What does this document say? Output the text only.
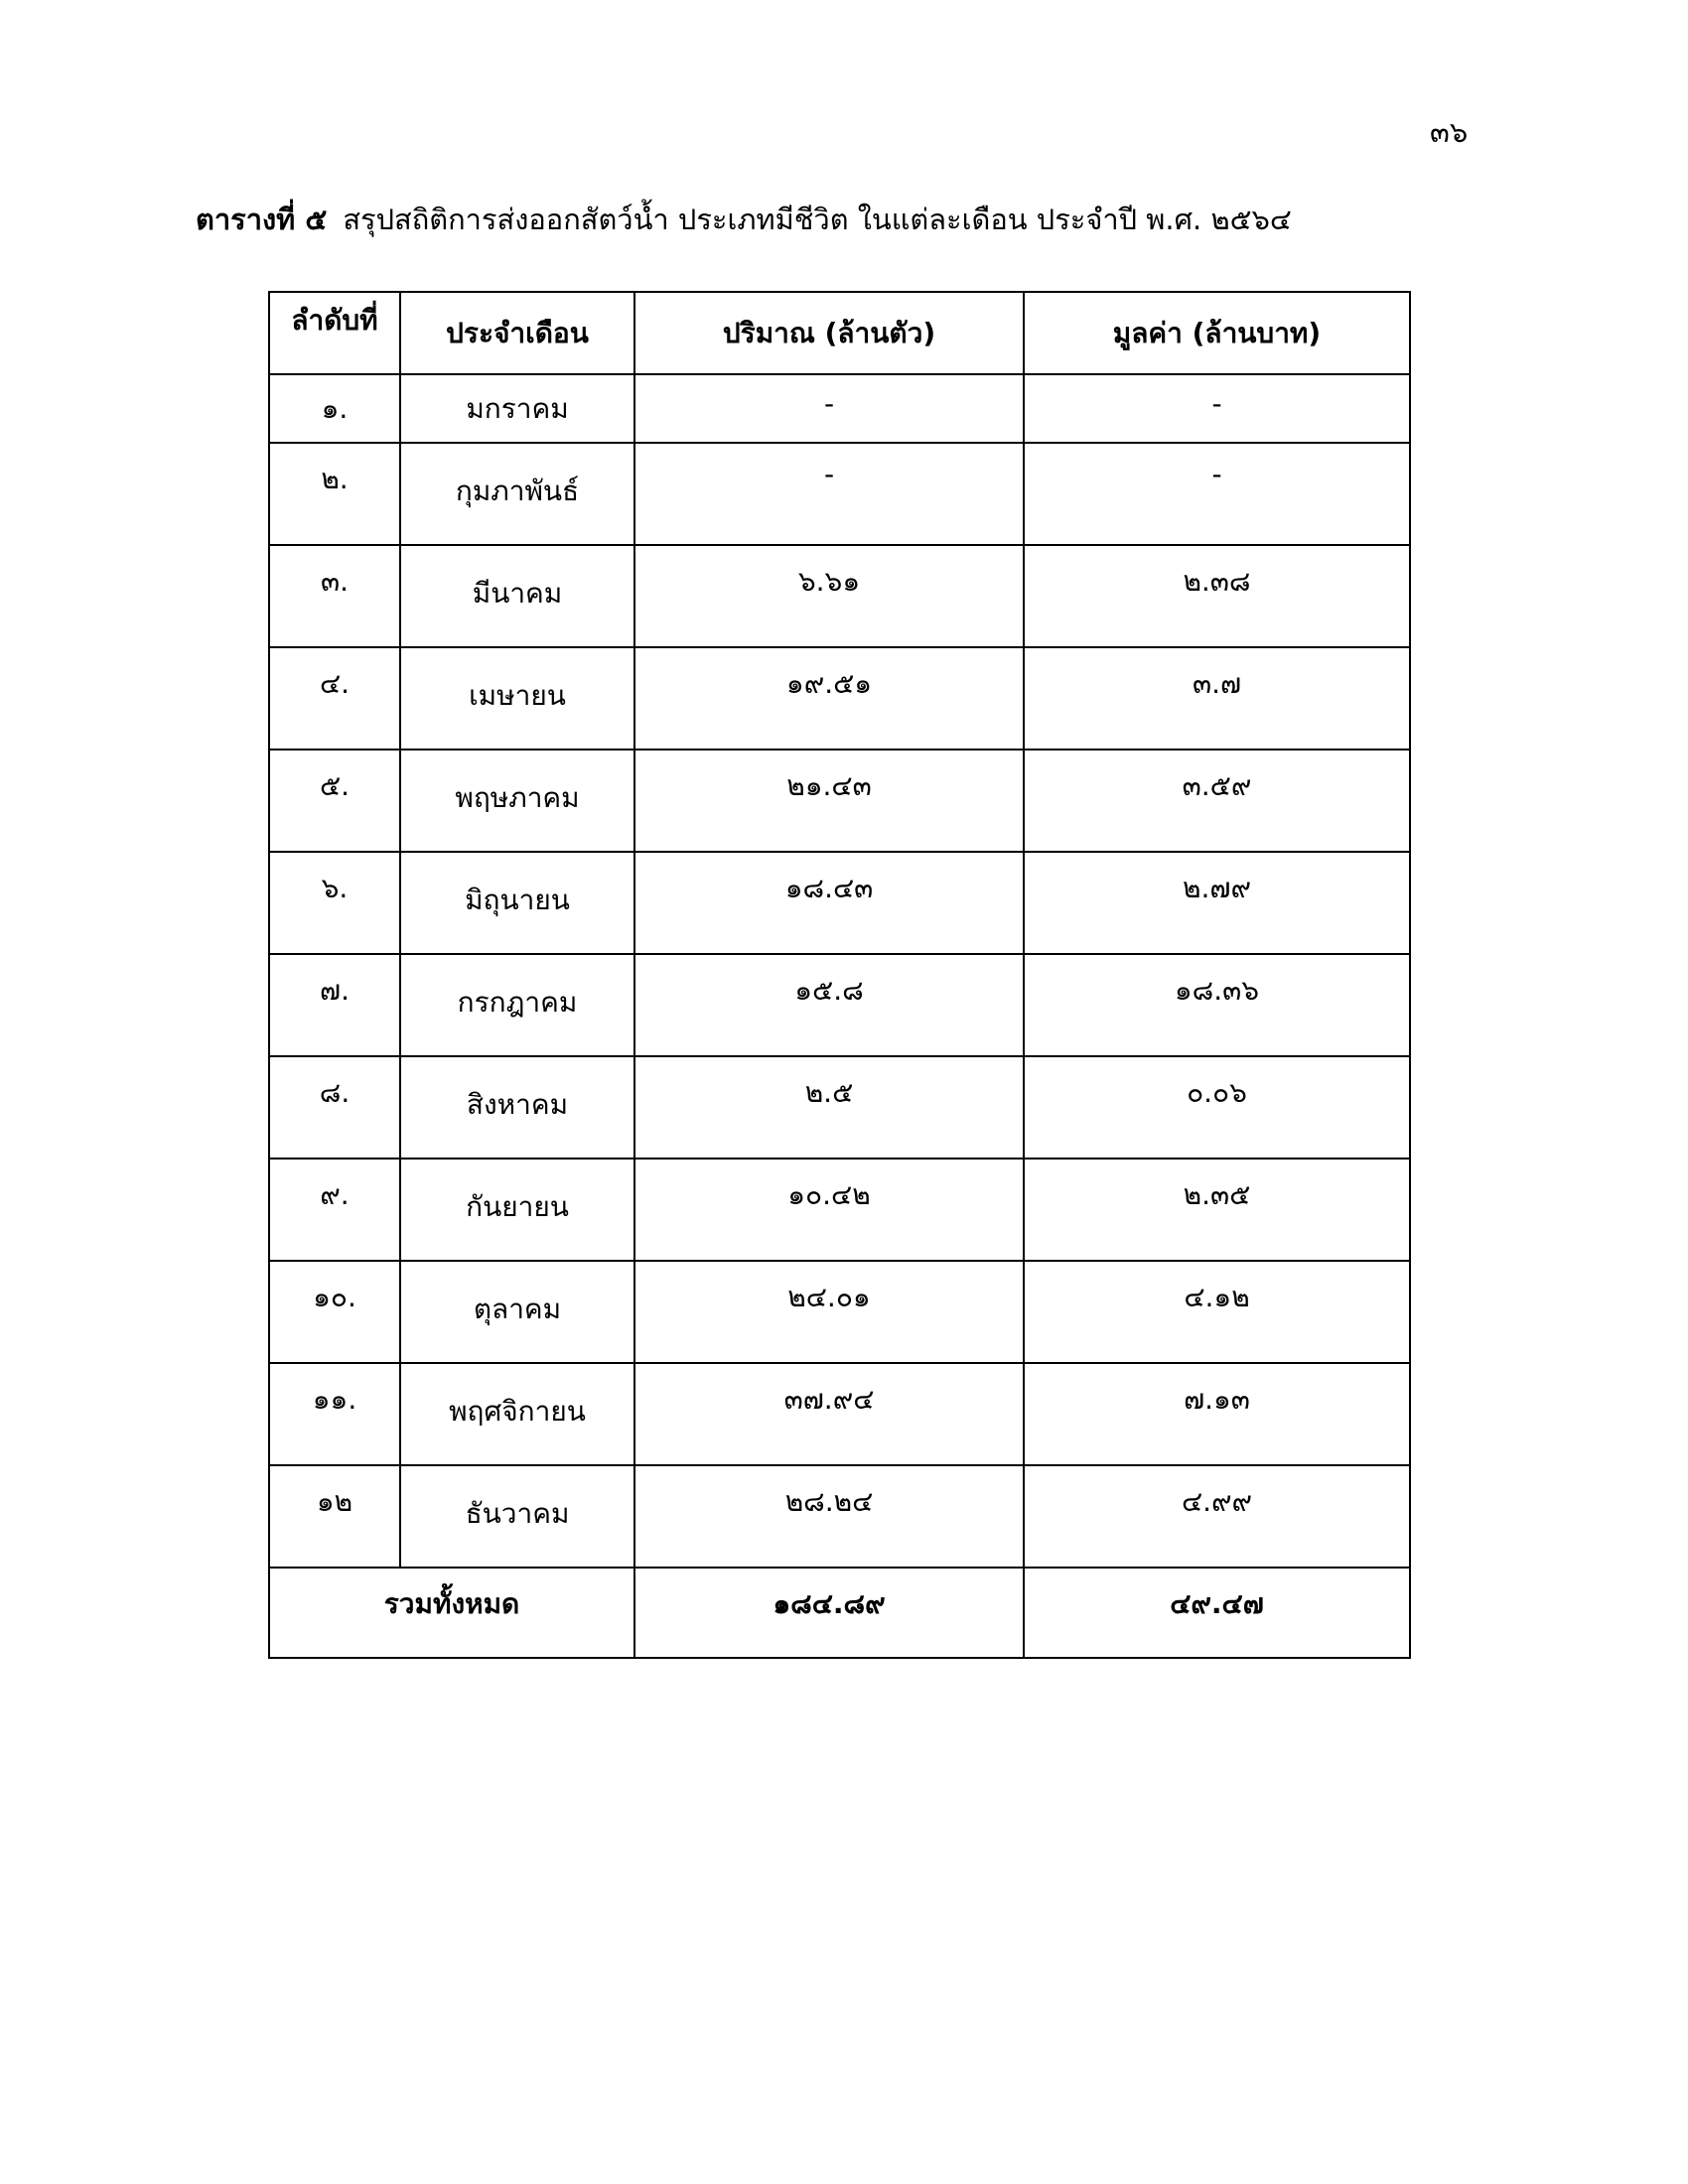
๓๖
ตารางที่ ๕ สรุปสถิติการส่งออกสัตว์น้ำ ประเภทมีชีวิต ในแต่ละเดือน ประจำปี พ.ศ. ๒๕๖๔
ลำดับที่	ประจำเดือน	ปริมาณ (ล้านตัว)	มูลค่า (ล้านบาท)
๑.	มกราคม	-	-
๒.	กุมภาพันธ์	-	-
๓.	มีนาคม	๖.๖๑	๒.๓๘
๔.	เมษายน	๑๙.๕๑	๓.๗
๕.	พฤษภาคม	๒๑.๔๓	๓.๕๙
๖.	มิถุนายน	๑๘.๔๓	๒.๗๙
๗.	กรกฎาคม	๑๕.๘	๑๘.๓๖
๘.	สิงหาคม	๒.๕	๐.๐๖
๙.	กันยายน	๑๐.๔๒	๒.๓๕
๑๐.	ตุลาคม	๒๔.๐๑	๔.๑๒
๑๑.	พฤศจิกายน	๓๗.๙๔	๗.๑๓
๑๒	ธันวาคม	๒๘.๒๔	๔.๙๙
รวมทั้งหมด		๑๘๔.๘๙	๔๙.๔๗
